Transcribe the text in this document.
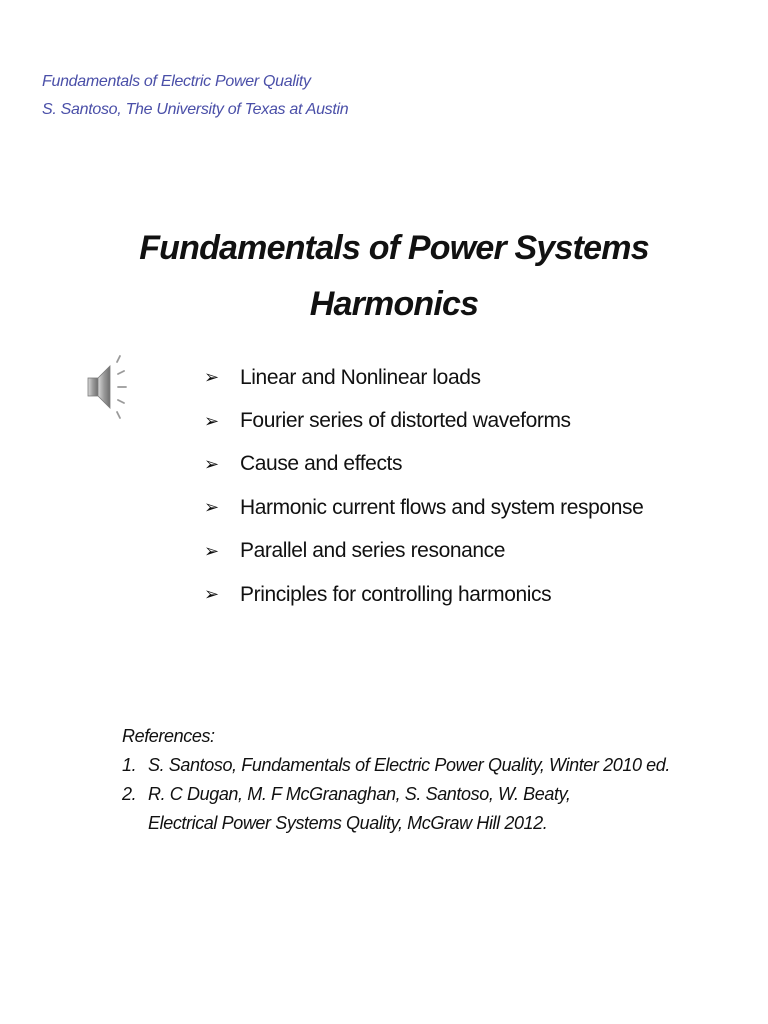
Fundamentals of Electric Power Quality
S. Santoso, The University of Texas at Austin
Fundamentals of Power Systems
Harmonics
➢	Linear and Nonlinear loads
➢	Fourier series of distorted waveforms
➢	Cause and effects
➢	Harmonic current flows and system response
➢	Parallel and series resonance
➢	Principles for controlling harmonics
References:
1. S. Santoso, Fundamentals of Electric Power Quality, Winter 2010 ed.
2. R. C Dugan, M. F McGranaghan, S. Santoso, W. Beaty,
Electrical Power Systems Quality, McGraw Hill 2012.
